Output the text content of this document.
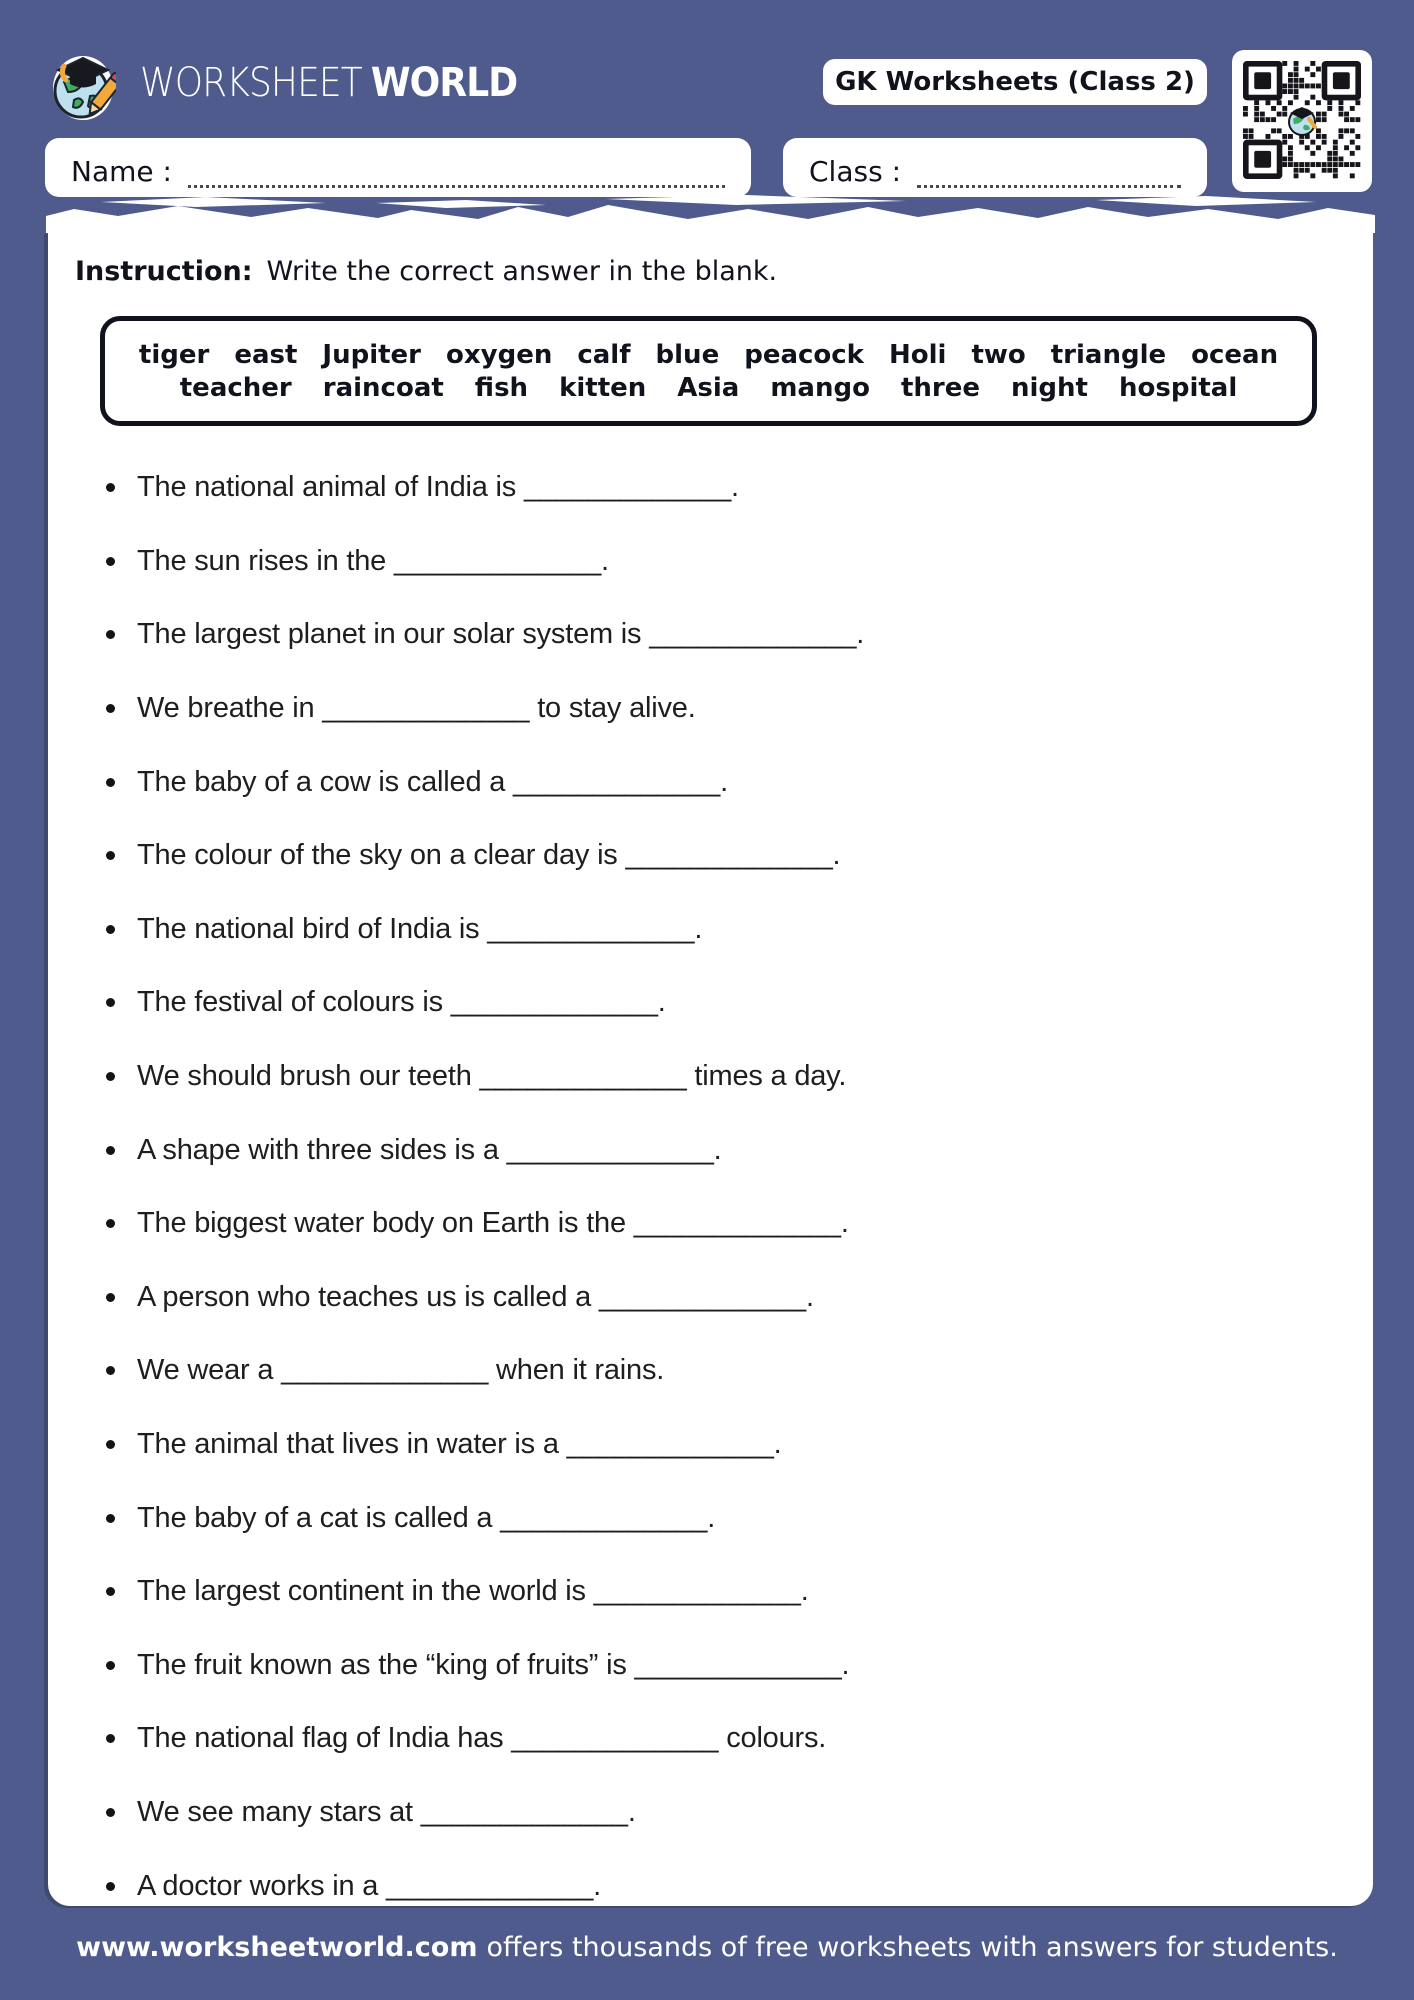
WORKSHEET WORLD	GK Worksheets (Class 2)
Name :	Class :
Instruction: Write the correct answer in the blank.
tiger east Jupiter oxygen calf blue peacock Holi two triangle ocean
teacher raincoat fish kitten Asia mango three night hospital
The national animal of India is _____________.
The sun rises in the _____________.
The largest planet in our solar system is _____________.
We breathe in _____________ to stay alive.
The baby of a cow is called a _____________.
The colour of the sky on a clear day is _____________.
The national bird of India is _____________.
The festival of colours is _____________.
We should brush our teeth _____________ times a day.
A shape with three sides is a _____________.
The biggest water body on Earth is the _____________.
A person who teaches us is called a _____________.
We wear a _____________ when it rains.
The animal that lives in water is a _____________.
The baby of a cat is called a _____________.
The largest continent in the world is _____________.
The fruit known as the “king of fruits” is _____________.
The national flag of India has _____________ colours.
We see many stars at _____________.
A doctor works in a _____________.
www.worksheetworld.com offers thousands of free worksheets with answers for students.
